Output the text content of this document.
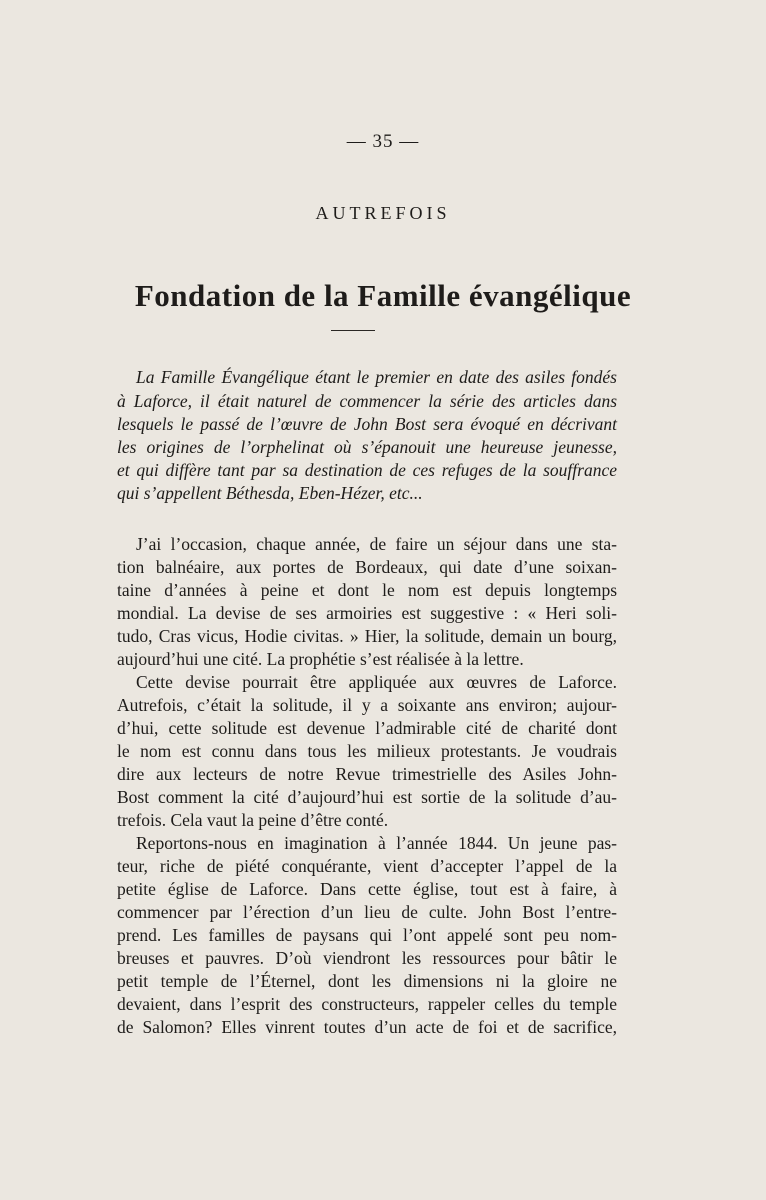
— 35 —
AUTREFOIS
Fondation de la Famille évangélique
La Famille Évangélique étant le premier en date des asiles fondés
à Laforce, il était naturel de commencer la série des articles dans
lesquels le passé de l’œuvre de John Bost sera évoqué en décrivant
les origines de l’orphelinat où s’épanouit une heureuse jeunesse,
et qui diffère tant par sa destination de ces refuges de la souffrance
qui s’appellent Béthesda, Eben-Hézer, etc...
J’ai l’occasion, chaque année, de faire un séjour dans une sta-
tion balnéaire, aux portes de Bordeaux, qui date d’une soixan-
taine d’années à peine et dont le nom est depuis longtemps
mondial. La devise de ses armoiries est suggestive : « Heri soli-
tudo, Cras vicus, Hodie civitas. » Hier, la solitude, demain un bourg,
aujourd’hui une cité. La prophétie s’est réalisée à la lettre.
Cette devise pourrait être appliquée aux œuvres de Laforce.
Autrefois, c’était la solitude, il y a soixante ans environ; aujour-
d’hui, cette solitude est devenue l’admirable cité de charité dont
le nom est connu dans tous les milieux protestants. Je voudrais
dire aux lecteurs de notre Revue trimestrielle des Asiles John-
Bost comment la cité d’aujourd’hui est sortie de la solitude d’au-
trefois. Cela vaut la peine d’être conté.
Reportons-nous en imagination à l’année 1844. Un jeune pas-
teur, riche de piété conquérante, vient d’accepter l’appel de la
petite église de Laforce. Dans cette église, tout est à faire, à
commencer par l’érection d’un lieu de culte. John Bost l’entre-
prend. Les familles de paysans qui l’ont appelé sont peu nom-
breuses et pauvres. D’où viendront les ressources pour bâtir le
petit temple de l’Éternel, dont les dimensions ni la gloire ne
devaient, dans l’esprit des constructeurs, rappeler celles du temple
de Salomon? Elles vinrent toutes d’un acte de foi et de sacrifice,
